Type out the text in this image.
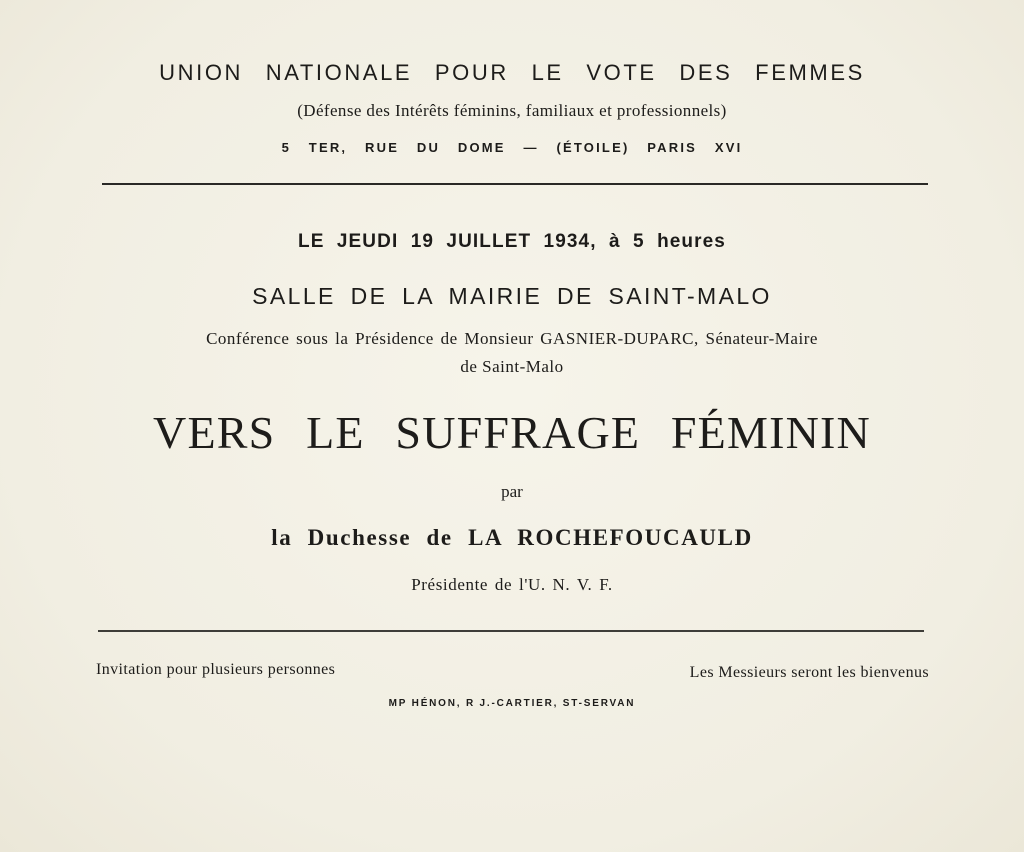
UNION NATIONALE POUR LE VOTE DES FEMMES
(Défense des Intérêts féminins, familiaux et professionnels)
5 TER, RUE DU DOME — (ÉTOILE) PARIS XVI
LE JEUDI 19 JUILLET 1934, à 5 heures
SALLE DE LA MAIRIE DE SAINT-MALO
Conférence sous la Présidence de Monsieur GASNIER-DUPARC, Sénateur-Maire
de Saint-Malo
VERS LE SUFFRAGE FÉMININ
par
la Duchesse de LA ROCHEFOUCAULD
Présidente de l'U. N. V. F.
Invitation pour plusieurs personnes	Les Messieurs seront les bienvenus
MP HÉNON, R J.-CARTIER, ST-SERVAN
